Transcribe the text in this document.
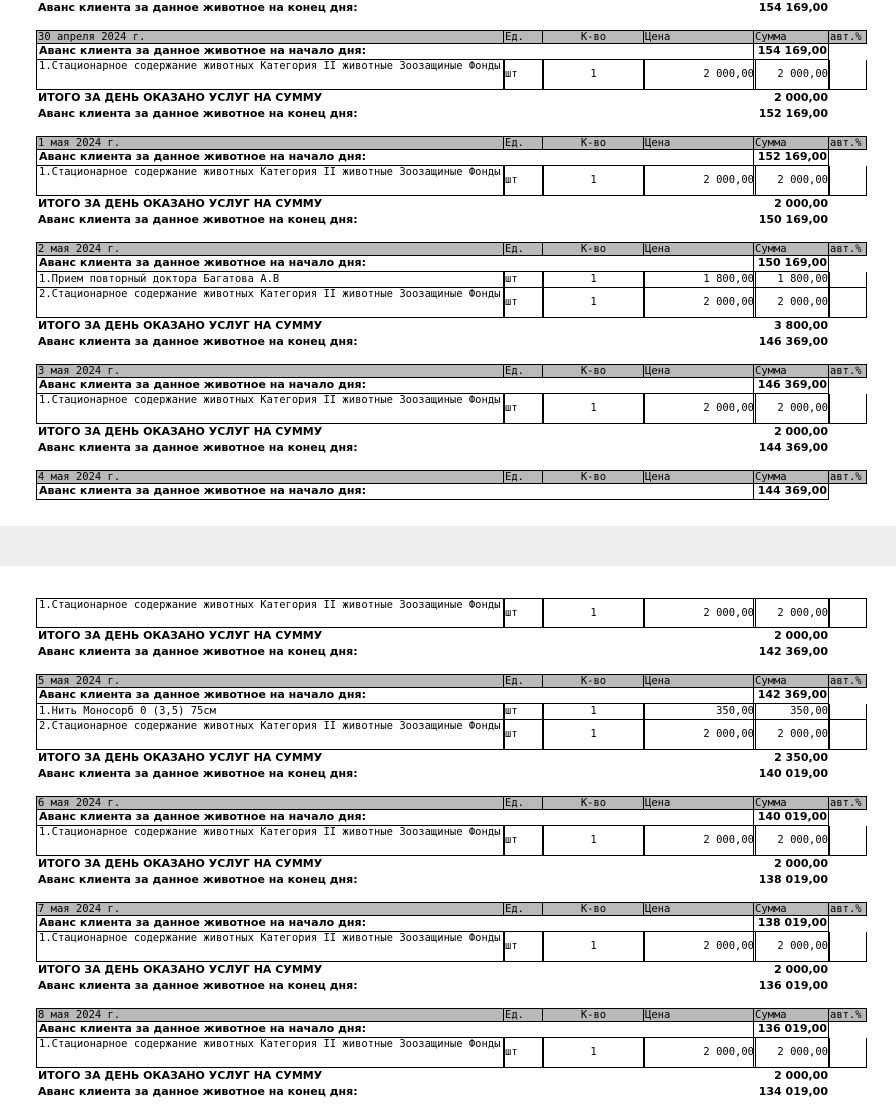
Аванс клиента за данное животное на конец дня:	154 169,00
30 апреля 2024 г.	Ед.	К-во	Цена	Сумма	авт.%
Аванс клиента за данное животное на начало дня:	154 169,00
1.Стационарное содержание животных Категория II животные Зоозащиные Фонды
шт	1	2 000,00	2 000,00
ИТОГО ЗА ДЕНЬ ОКАЗАНО УСЛУГ НА СУММУ	2 000,00
Аванс клиента за данное животное на конец дня:	152 169,00
1 мая 2024 г.	Ед.	К-во	Цена	Сумма	авт.%
Аванс клиента за данное животное на начало дня:	152 169,00
1.Стационарное содержание животных Категория II животные Зоозащиные Фонды
шт	1	2 000,00	2 000,00
ИТОГО ЗА ДЕНЬ ОКАЗАНО УСЛУГ НА СУММУ	2 000,00
Аванс клиента за данное животное на конец дня:	150 169,00
2 мая 2024 г.	Ед.	К-во	Цена	Сумма	авт.%
Аванс клиента за данное животное на начало дня:	150 169,00
1.Прием повторный доктора Багатова А.В	шт	1	1 800,00	1 800,00
2.Стационарное содержание животных Категория II животные Зоозащиные Фонды
шт	1	2 000,00	2 000,00
ИТОГО ЗА ДЕНЬ ОКАЗАНО УСЛУГ НА СУММУ	3 800,00
Аванс клиента за данное животное на конец дня:	146 369,00
3 мая 2024 г.	Ед.	К-во	Цена	Сумма	авт.%
Аванс клиента за данное животное на начало дня:	146 369,00
1.Стационарное содержание животных Категория II животные Зоозащиные Фонды
шт	1	2 000,00	2 000,00
ИТОГО ЗА ДЕНЬ ОКАЗАНО УСЛУГ НА СУММУ	2 000,00
Аванс клиента за данное животное на конец дня:	144 369,00
4 мая 2024 г.	Ед.	К-во	Цена	Сумма	авт.%
Аванс клиента за данное животное на начало дня:	144 369,00
1.Стационарное содержание животных Категория II животные Зоозащиные Фонды
шт	1	2 000,00	2 000,00
ИТОГО ЗА ДЕНЬ ОКАЗАНО УСЛУГ НА СУММУ	2 000,00
Аванс клиента за данное животное на конец дня:	142 369,00
5 мая 2024 г.	Ед.	К-во	Цена	Сумма	авт.%
Аванс клиента за данное животное на начало дня:	142 369,00
1.Нить Моносорб 0 (3,5) 75см	шт	1	350,00	350,00
2.Стационарное содержание животных Категория II животные Зоозащиные Фонды
шт	1	2 000,00	2 000,00
ИТОГО ЗА ДЕНЬ ОКАЗАНО УСЛУГ НА СУММУ	2 350,00
Аванс клиента за данное животное на конец дня:	140 019,00
6 мая 2024 г.	Ед.	К-во	Цена	Сумма	авт.%
Аванс клиента за данное животное на начало дня:	140 019,00
1.Стационарное содержание животных Категория II животные Зоозащиные Фонды
шт	1	2 000,00	2 000,00
ИТОГО ЗА ДЕНЬ ОКАЗАНО УСЛУГ НА СУММУ	2 000,00
Аванс клиента за данное животное на конец дня:	138 019,00
7 мая 2024 г.	Ед.	К-во	Цена	Сумма	авт.%
Аванс клиента за данное животное на начало дня:	138 019,00
1.Стационарное содержание животных Категория II животные Зоозащиные Фонды
шт	1	2 000,00	2 000,00
ИТОГО ЗА ДЕНЬ ОКАЗАНО УСЛУГ НА СУММУ	2 000,00
Аванс клиента за данное животное на конец дня:	136 019,00
8 мая 2024 г.	Ед.	К-во	Цена	Сумма	авт.%
Аванс клиента за данное животное на начало дня:	136 019,00
1.Стационарное содержание животных Категория II животные Зоозащиные Фонды
шт	1	2 000,00	2 000,00
ИТОГО ЗА ДЕНЬ ОКАЗАНО УСЛУГ НА СУММУ	2 000,00
Аванс клиента за данное животное на конец дня:	134 019,00
